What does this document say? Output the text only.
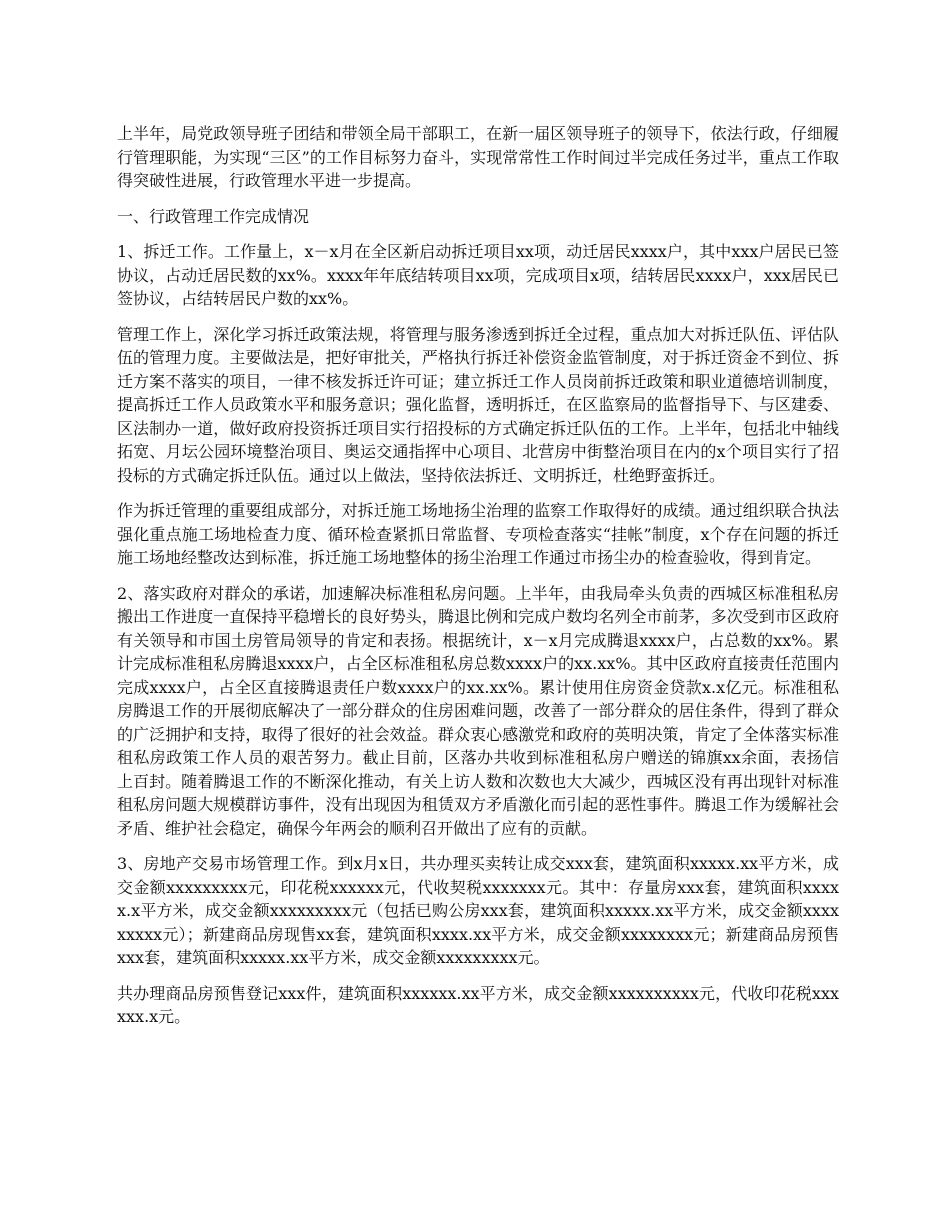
上半年，局党政领导班子团结和带领全局干部职工，在新一届区领导班子的领导下，依法行政，仔细履行管理职能，为实现“三区”的工作目标努力奋斗，实现常常性工作时间过半完成任务过半，重点工作取得突破性进展，行政管理水平进一步提高。

一、行政管理工作完成情况

1、拆迁工作。工作量上，x－x月在全区新启动拆迁项目xx项，动迁居民xxxx户，其中xxx户居民已签协议，占动迁居民数的xx%。xxxx年年底结转项目xx项，完成项目x项，结转居民xxxx户，xxx居民已签协议，占结转居民户数的xx%。

管理工作上，深化学习拆迁政策法规，将管理与服务渗透到拆迁全过程，重点加大对拆迁队伍、评估队伍的管理力度。主要做法是，把好审批关，严格执行拆迁补偿资金监管制度，对于拆迁资金不到位、拆迁方案不落实的项目，一律不核发拆迁许可证；建立拆迁工作人员岗前拆迁政策和职业道德培训制度，提高拆迁工作人员政策水平和服务意识；强化监督，透明拆迁，在区监察局的监督指导下、与区建委、区法制办一道，做好政府投资拆迁项目实行招投标的方式确定拆迁队伍的工作。上半年，包括北中轴线拓宽、月坛公园环境整治项目、奥运交通指挥中心项目、北营房中街整治项目在内的x个项目实行了招投标的方式确定拆迁队伍。通过以上做法，坚持依法拆迁、文明拆迁，杜绝野蛮拆迁。

作为拆迁管理的重要组成部分，对拆迁施工场地扬尘治理的监察工作取得好的成绩。通过组织联合执法强化重点施工场地检查力度、循环检查紧抓日常监督、专项检查落实“挂帐”制度，x个存在问题的拆迁施工场地经整改达到标准，拆迁施工场地整体的扬尘治理工作通过市扬尘办的检查验收，得到肯定。

2、落实政府对群众的承诺，加速解决标准租私房问题。上半年，由我局牵头负责的西城区标准租私房搬出工作进度一直保持平稳增长的良好势头，腾退比例和完成户数均名列全市前茅，多次受到市区政府有关领导和市国土房管局领导的肯定和表扬。根据统计，x－x月完成腾退xxxx户，占总数的xx%。累计完成标准租私房腾退xxxx户，占全区标准租私房总数xxxx户的xx.xx%。其中区政府直接责任范围内完成xxxx户，占全区直接腾退责任户数xxxx户的xx.xx%。累计使用住房资金贷款x.x亿元。标准租私房腾退工作的开展彻底解决了一部分群众的住房困难问题，改善了一部分群众的居住条件，得到了群众的广泛拥护和支持，取得了很好的社会效益。群众衷心感激党和政府的英明决策，肯定了全体落实标准租私房政策工作人员的艰苦努力。截止目前，区落办共收到标准租私房户赠送的锦旗xx余面，表扬信上百封。随着腾退工作的不断深化推动，有关上访人数和次数也大大减少，西城区没有再出现针对标准租私房问题大规模群访事件，没有出现因为租赁双方矛盾激化而引起的恶性事件。腾退工作为缓解社会矛盾、维护社会稳定，确保今年两会的顺利召开做出了应有的贡献。

3、房地产交易市场管理工作。到x月x日，共办理买卖转让成交xxx套，建筑面积xxxxx.xx平方米，成交金额xxxxxxxxx元，印花税xxxxxx元，代收契税xxxxxxx元。其中：存量房xxx套，建筑面积xxxxx.x平方米，成交金额xxxxxxxxx元（包括已购公房xxx套，建筑面积xxxxx.xx平方米，成交金额xxxxxxxxx元）；新建商品房现售xx套，建筑面积xxxx.xx平方米，成交金额xxxxxxxx元；新建商品房预售xxx套，建筑面积xxxxx.xx平方米，成交金额xxxxxxxxx元。

共办理商品房预售登记xxx件，建筑面积xxxxxx.xx平方米，成交金额xxxxxxxxxx元，代收印花税xxxxxx.x元。
